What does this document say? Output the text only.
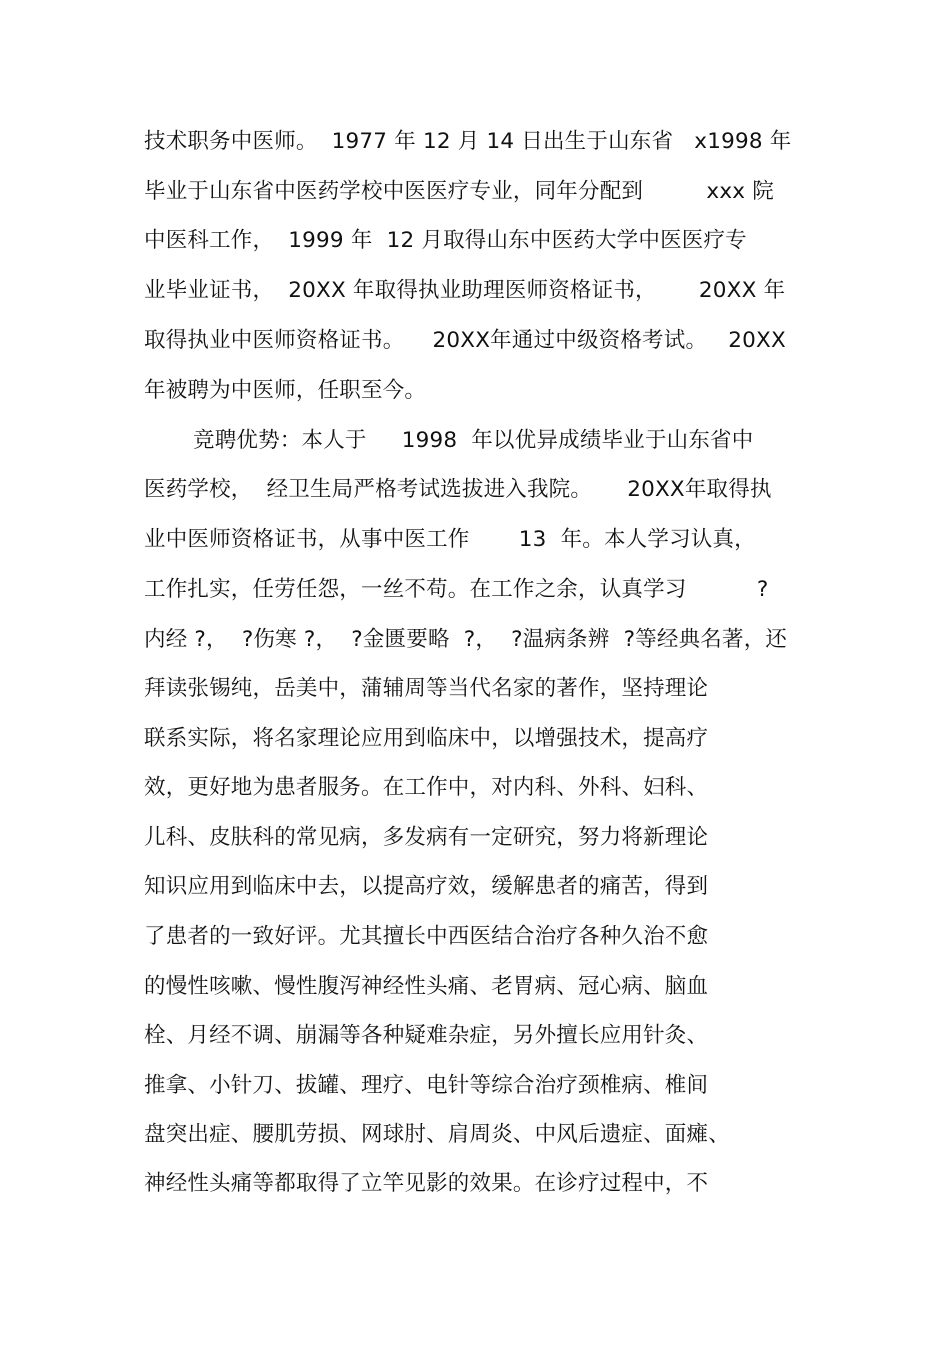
技术职务中医师。  1977 年 12 月 14 日出生于山东省   x1998 年
毕业于山东省中医药学校中医医疗专业，同年分配到         xxx 院
中医科工作，  1999 年  12 月取得山东中医药大学中医医疗专
业毕业证书，  20XX 年取得执业助理医师资格证书，      20XX 年
取得执业中医师资格证书。    20XX年通过中级资格考试。   20XX
年被聘为中医师，任职至今。
竞聘优势：本人于     1998  年以优异成绩毕业于山东省中
医药学校，  经卫生局严格考试选拔进入我院。     20XX年取得执
业中医师资格证书，从事中医工作       13  年。本人学习认真，
工作扎实，任劳任怨，一丝不苟。在工作之余，认真学习          ?
内经 ?，  ?伤寒 ?，  ?金匮要略  ?，  ?温病条辨  ?等经典名著，还
拜读张锡纯，岳美中，蒲辅周等当代名家的著作，坚持理论
联系实际，将名家理论应用到临床中，以增强技术，提高疗
效，更好地为患者服务。在工作中，对内科、外科、妇科、
儿科、皮肤科的常见病，多发病有一定研究，努力将新理论
知识应用到临床中去，以提高疗效，缓解患者的痛苦，得到
了患者的一致好评。尤其擅长中西医结合治疗各种久治不愈
的慢性咳嗽、慢性腹泻神经性头痛、老胃病、冠心病、脑血
栓、月经不调、崩漏等各种疑难杂症，另外擅长应用针灸、
推拿、小针刀、拔罐、理疗、电针等综合治疗颈椎病、椎间
盘突出症、腰肌劳损、网球肘、肩周炎、中风后遗症、面瘫、
神经性头痛等都取得了立竿见影的效果。在诊疗过程中，不
